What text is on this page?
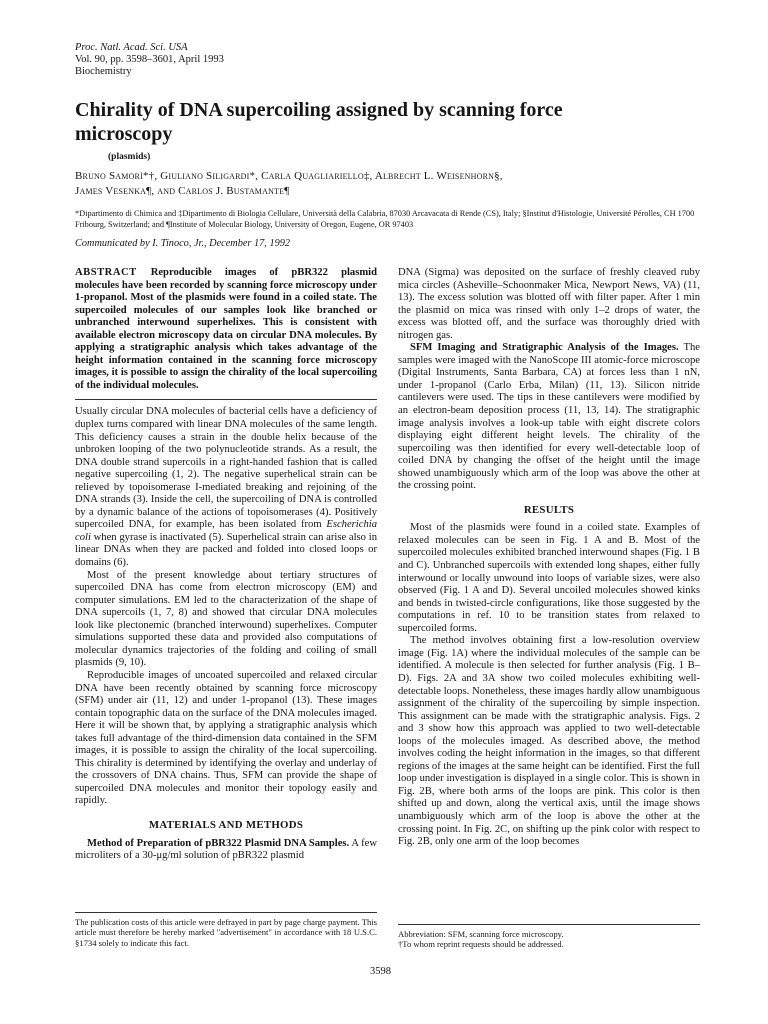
Proc. Natl. Acad. Sci. USA
Vol. 90, pp. 3598–3601, April 1993
Biochemistry
Chirality of DNA supercoiling assigned by scanning force microscopy
(plasmids)
Bruno Samorì*†, Giuliano Siligardi*, Carla Quagliariello‡, Albrecht L. Weisenhorn§,
James Vesenka¶, and Carlos J. Bustamante¶
*Dipartimento di Chimica and ‡Dipartimento di Biologia Cellulare, Università della Calabria, 87030 Arcavacata di Rende (CS), Italy; §Institut d'Histologie, Université Pérolles, CH 1700 Fribourg, Switzerland; and ¶Institute of Molecular Biology, University of Oregon, Eugene, OR 97403
Communicated by I. Tinoco, Jr., December 17, 1992

ABSTRACT Reproducible images of pBR322 plasmid molecules have been recorded by scanning force microscopy under 1-propanol. Most of the plasmids were found in a coiled state. The supercoiled molecules of our samples look like branched or unbranched interwound superhelixes. This is consistent with available electron microscopy data on circular DNA molecules. By applying a stratigraphic analysis which takes advantage of the height information contained in the scanning force microscopy images, it is possible to assign the chirality of the local supercoiling of the individual molecules.

Usually circular DNA molecules of bacterial cells have a deficiency of duplex turns compared with linear DNA molecules of the same length. This deficiency causes a strain in the double helix because of the unbroken looping of the two polynucleotide strands. As a result, the DNA double strand supercoils in a right-handed fashion that is called negative supercoiling (1, 2). The negative superhelical strain can be relieved by topoisomerase I-mediated breaking and rejoining of the DNA strands (3). Inside the cell, the supercoiling of DNA is controlled by a dynamic balance of the actions of topoisomerases (4). Positively supercoiled DNA, for example, has been isolated from Escherichia coli when gyrase is inactivated (5). Superhelical strain can arise also in linear DNAs when they are packed and folded into closed loops or domains (6).

Most of the present knowledge about tertiary structures of supercoiled DNA has come from electron microscopy (EM) and computer simulations. EM led to the characterization of the shape of DNA supercoils (1, 7, 8) and showed that circular DNA molecules look like plectonemic (branched interwound) superhelixes. Computer simulations supported these data and provided also computations of molecular dynamics trajectories of the folding and coiling of small plasmids (9, 10).

Reproducible images of uncoated supercoiled and relaxed circular DNA have been recently obtained by scanning force microscopy (SFM) under air (11, 12) and under 1-propanol (13). These images contain topographic data on the surface of the DNA molecules imaged. Here it will be shown that, by applying a stratigraphic analysis which takes full advantage of the third-dimension data contained in the SFM images, it is possible to assign the chirality of the local supercoiling. This chirality is determined by identifying the overlay and underlay of the crossovers of DNA chains. Thus, SFM can provide the shape of supercoiled DNA molecules and monitor their topology easily and rapidly.

MATERIALS AND METHODS

Method of Preparation of pBR322 Plasmid DNA Samples. A few microliters of a 30-μg/ml solution of pBR322 plasmid

DNA (Sigma) was deposited on the surface of freshly cleaved ruby mica circles (Asheville–Schoonmaker Mica, Newport News, VA) (11, 13). The excess solution was blotted off with filter paper. After 1 min the plasmid on mica was rinsed with only 1–2 drops of water, the excess was blotted off, and the surface was thoroughly dried with nitrogen gas.

SFM Imaging and Stratigraphic Analysis of the Images. The samples were imaged with the NanoScope III atomic-force microscope (Digital Instruments, Santa Barbara, CA) at forces less than 1 nN, under 1-propanol (Carlo Erba, Milan) (11, 13). Silicon nitride cantilevers were used. The tips in these cantilevers were modified by an electron-beam deposition process (11, 13, 14). The stratigraphic image analysis involves a look-up table with eight discrete colors displaying eight different height levels. The chirality of the supercoiling was then identified for every well-detectable loop of coiled DNA by changing the offset of the height until the image showed unambiguously which arm of the loop was above the other at the crossing point.

RESULTS

Most of the plasmids were found in a coiled state. Examples of relaxed molecules can be seen in Fig. 1 A and B. Most of the supercoiled molecules exhibited branched interwound shapes (Fig. 1 B and C). Unbranched supercoils with extended long shapes, either fully interwound or locally unwound into loops of variable sizes, were also observed (Fig. 1 A and D). Several uncoiled molecules showed kinks and bends in twisted-circle configurations, like those suggested by the computations in ref. 10 to be transition states from relaxed to supercoiled forms.

The method involves obtaining first a low-resolution overview image (Fig. 1A) where the individual molecules of the sample can be identified. A molecule is then selected for further analysis (Fig. 1 B–D). Figs. 2A and 3A show two coiled molecules exhibiting well-detectable loops. Nonetheless, these images hardly allow unambiguous assignment of the chirality of the supercoiling by simple inspection. This assignment can be made with the stratigraphic analysis. Figs. 2 and 3 show how this approach was applied to two well-detectable loops of the molecules imaged. As described above, the method involves coding the height information in the images, so that different regions of the images at the same height can be identified. First the full loop under investigation is displayed in a single color. This is shown in Fig. 2B, where both arms of the loops are pink. This color is then shifted up and down, along the vertical axis, until the image shows unambiguously which arm of the loop is above the other at the crossing point. In Fig. 2C, on shifting up the pink color with respect to Fig. 2B, only one arm of the loop becomes

The publication costs of this article were defrayed in part by page charge payment. This article must therefore be hereby marked "advertisement" in accordance with 18 U.S.C. §1734 solely to indicate this fact.
Abbreviation: SFM, scanning force microscopy.
†To whom reprint requests should be addressed.
3598
